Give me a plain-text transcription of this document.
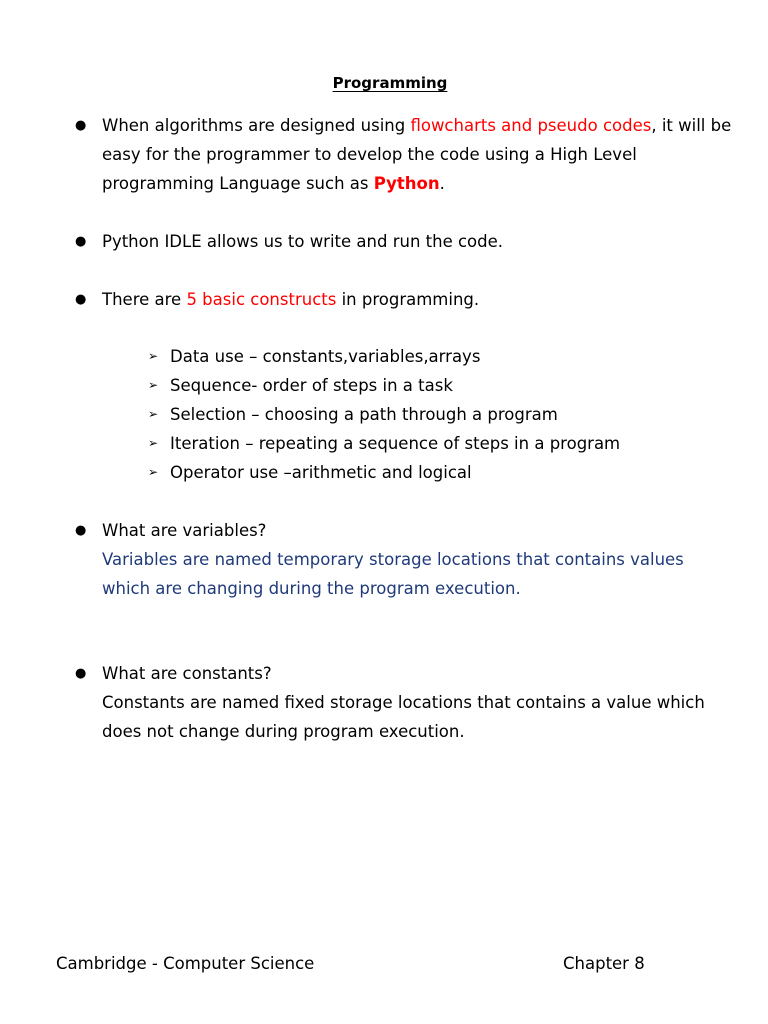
Programming
● When algorithms are designed using flowcharts and pseudo codes, it will be
easy for the programmer to develop the code using a High Level
programming Language such as Python.
● Python IDLE allows us to write and run the code.
● There are 5 basic constructs in programming.
➢ Data use – constants,variables,arrays
➢ Sequence- order of steps in a task
➢ Selection – choosing a path through a program
➢ Iteration – repeating a sequence of steps in a program
➢ Operator use –arithmetic and logical
● What are variables?
Variables are named temporary storage locations that contains values
which are changing during the program execution.
● What are constants?
Constants are named fixed storage locations that contains a value which
does not change during program execution.
Cambridge - Computer Science	Chapter 8
